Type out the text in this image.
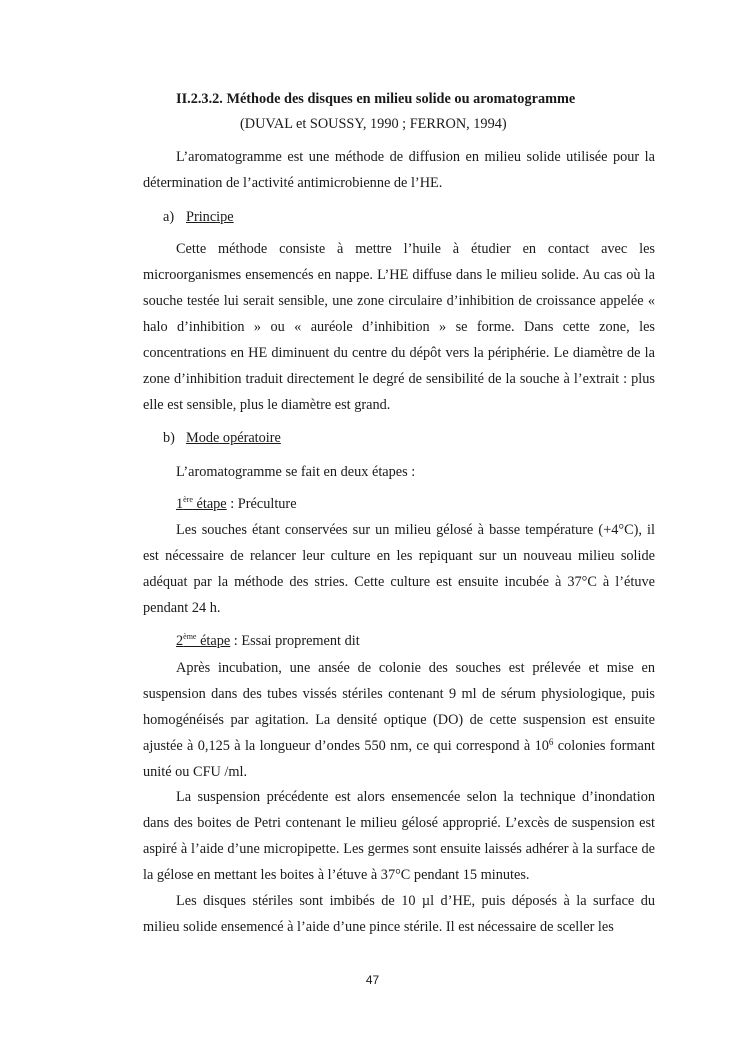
II.2.3.2. Méthode des disques en milieu solide ou aromatogramme
(DUVAL et SOUSSY, 1990 ; FERRON, 1994)
L’aromatogramme est une méthode de diffusion en milieu solide utilisée pour la détermination de l’activité antimicrobienne de l’HE.
a) Principe
Cette méthode consiste à mettre l’huile à étudier en contact avec les microorganismes ensemencés en nappe. L’HE diffuse dans le milieu solide. Au cas où la souche testée lui serait sensible, une zone circulaire d’inhibition de croissance appelée « halo d’inhibition » ou « auréole d’inhibition » se forme. Dans cette zone, les concentrations en HE diminuent du centre du dépôt vers la périphérie. Le diamètre de la zone d’inhibition traduit directement le degré de sensibilité de la souche à l’extrait : plus elle est sensible, plus le diamètre est grand.
b) Mode opératoire
L’aromatogramme se fait en deux étapes :
1ère étape : Préculture
Les souches étant conservées sur un milieu gélosé à basse température (+4°C), il est nécessaire de relancer leur culture en les repiquant sur un nouveau milieu solide adéquat par la méthode des stries. Cette culture est ensuite incubée à 37°C à l’étuve pendant 24 h.
2ème étape : Essai proprement dit
Après incubation, une ansée de colonie des souches est prélevée et mise en suspension dans des tubes vissés stériles contenant 9 ml de sérum physiologique, puis homogénéisés par agitation. La densité optique (DO) de cette suspension est ensuite ajustée à 0,125 à la longueur d’ondes 550 nm, ce qui correspond à $10^6$ colonies formant unité ou CFU /ml.
La suspension précédente est alors ensemencée selon la technique d’inondation dans des boites de Petri contenant le milieu gélosé approprié. L’excès de suspension est aspiré à l’aide d’une micropipette. Les germes sont ensuite laissés adhérer à la surface de la gélose en mettant les boites à l’étuve à 37°C pendant 15 minutes.
Les disques stériles sont imbibés de 10 µl d’HE, puis déposés à la surface du milieu solide ensemencé à l’aide d’une pince stérile. Il est nécessaire de sceller les
47
